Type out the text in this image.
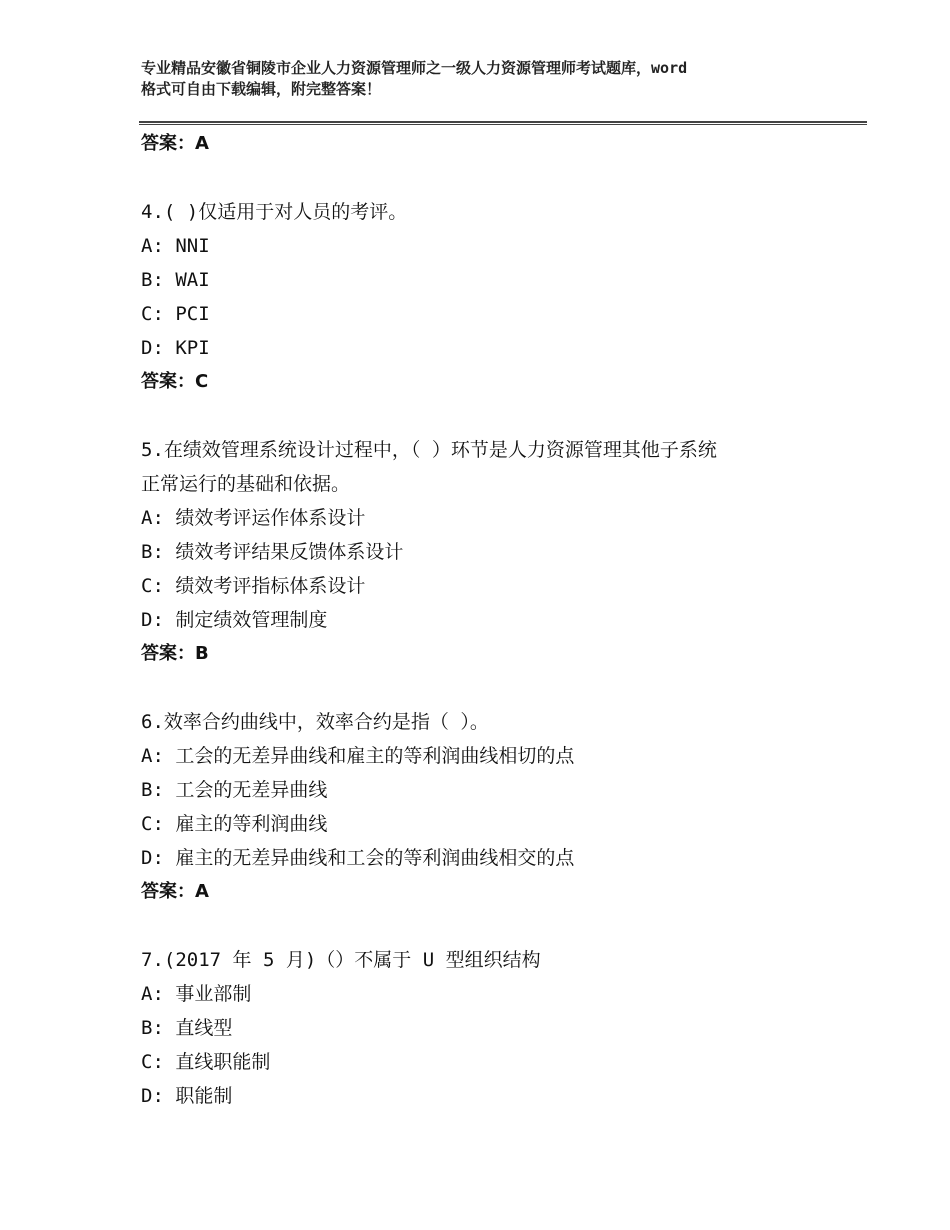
专业精品安徽省铜陵市企业人力资源管理师之一级人力资源管理师考试题库，word
格式可自由下载编辑，附完整答案！
答案：A
4.( )仅适用于对人员的考评。
A: NNI
B: WAI
C: PCI
D: KPI
答案：C
5.在绩效管理系统设计过程中，（ ）环节是人力资源管理其他子系统
正常运行的基础和依据。
A: 绩效考评运作体系设计
B: 绩效考评结果反馈体系设计
C: 绩效考评指标体系设计
D: 制定绩效管理制度
答案：B
6.效率合约曲线中，效率合约是指（ ）。
A: 工会的无差异曲线和雇主的等利润曲线相切的点
B: 工会的无差异曲线
C: 雇主的等利润曲线
D: 雇主的无差异曲线和工会的等利润曲线相交的点
答案：A
7.(2017 年 5 月)（）不属于 U 型组织结构
A: 事业部制
B: 直线型
C: 直线职能制
D: 职能制
